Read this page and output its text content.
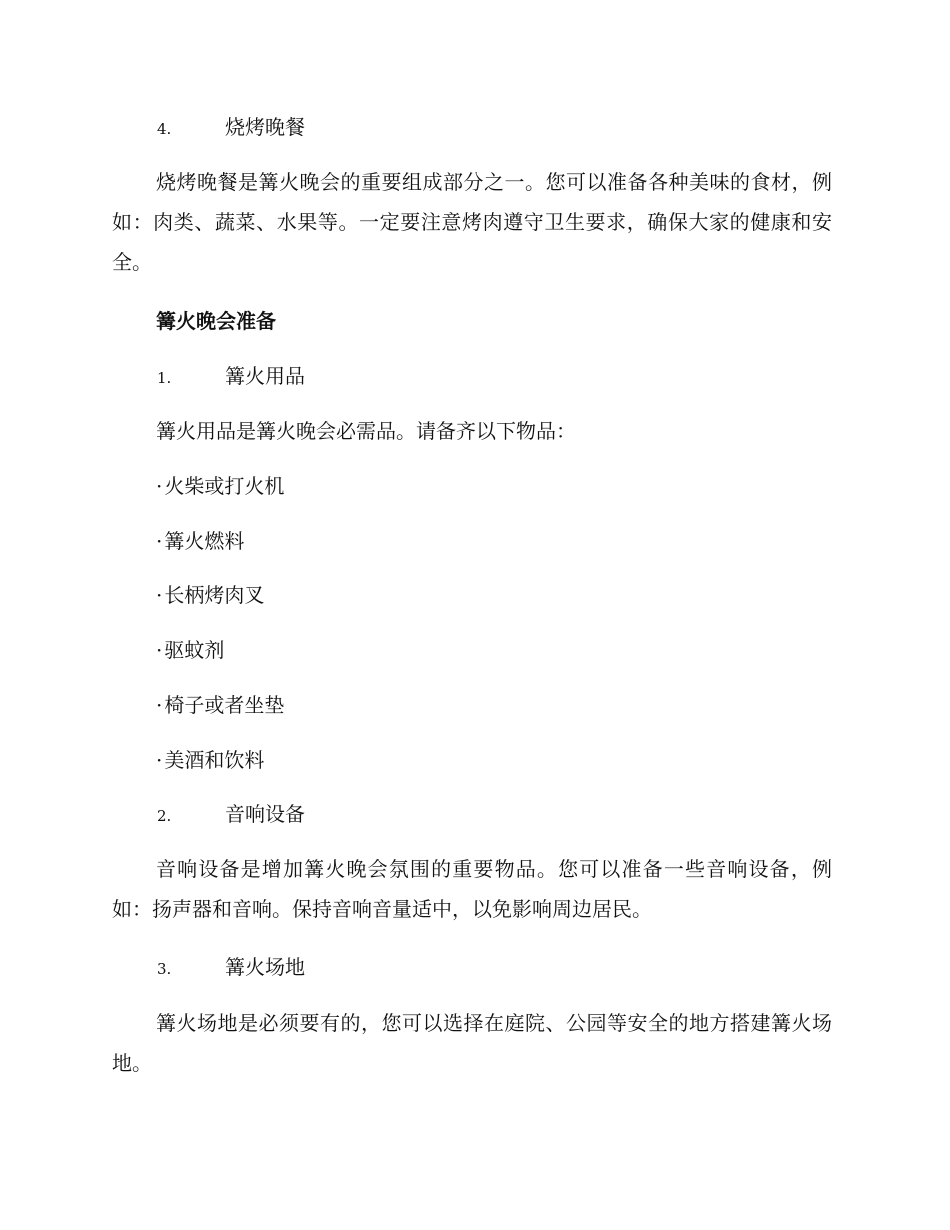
4.	烧烤晚餐
烧烤晚餐是篝火晚会的重要组成部分之一。您可以准备各种美味的食材，例如：肉类、蔬菜、水果等。一定要注意烤肉遵守卫生要求，确保大家的健康和安全。
篝火晚会准备
1.	篝火用品
篝火用品是篝火晚会必需品。请备齐以下物品：
· 火柴或打火机
· 篝火燃料
· 长柄烤肉叉
· 驱蚊剂
· 椅子或者坐垫
· 美酒和饮料
2.	音响设备
音响设备是增加篝火晚会氛围的重要物品。您可以准备一些音响设备，例如：扬声器和音响。保持音响音量适中，以免影响周边居民。
3.	篝火场地
篝火场地是必须要有的，您可以选择在庭院、公园等安全的地方搭建篝火场地。
